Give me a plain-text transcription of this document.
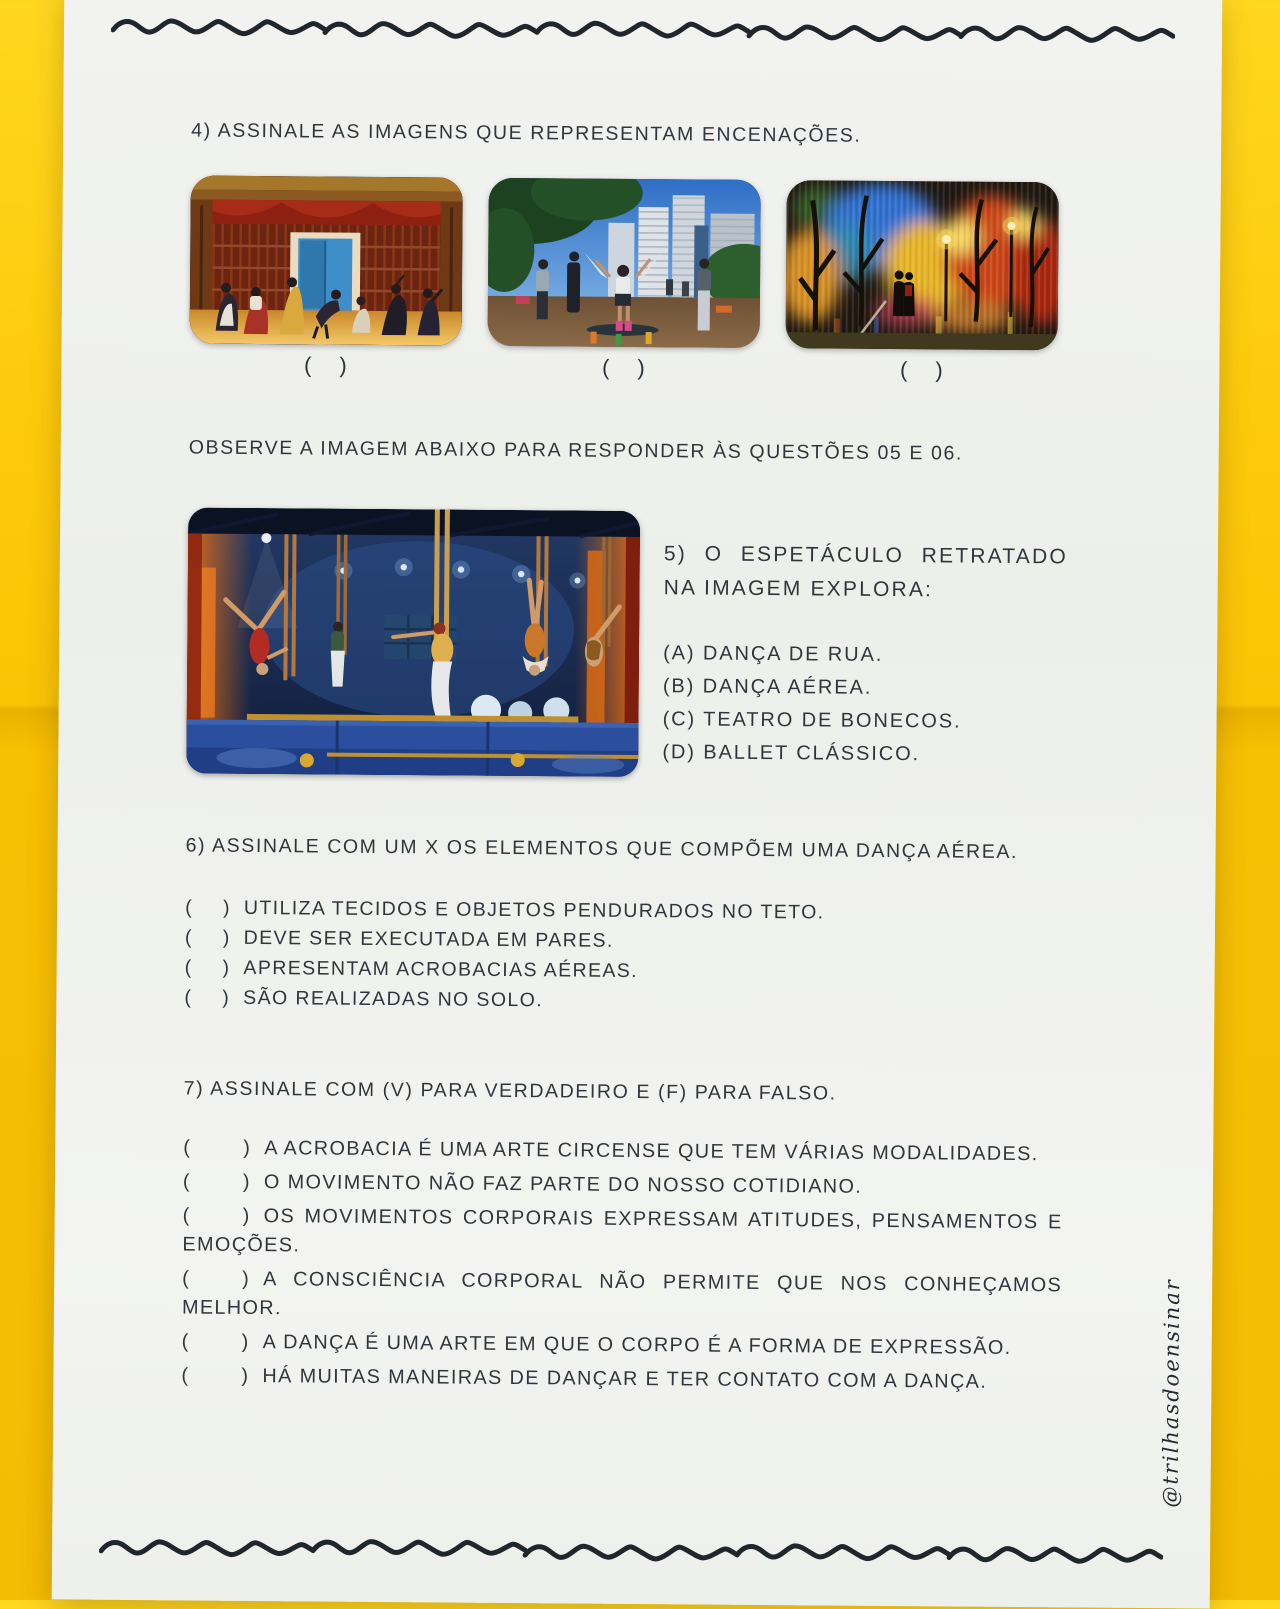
4) ASSINALE AS IMAGENS QUE REPRESENTAM ENCENAÇÕES.

( )	( )	( )

OBSERVE A IMAGEM ABAIXO PARA RESPONDER ÀS QUESTÕES 05 E 06.

5) O ESPETÁCULO RETRATADO NA IMAGEM EXPLORA:

(A) DANÇA DE RUA.

(B) DANÇA AÉREA.

(C) TEATRO DE BONECOS.

(D) BALLET CLÁSSICO.

6) ASSINALE COM UM X OS ELEMENTOS QUE COMPÕEM UMA DANÇA AÉREA.

( ) UTILIZA TECIDOS E OBJETOS PENDURADOS NO TETO.

( ) DEVE SER EXECUTADA EM PARES.

( ) APRESENTAM ACROBACIAS AÉREAS.

( ) SÃO REALIZADAS NO SOLO.

7) ASSINALE COM (V) PARA VERDADEIRO E (F) PARA FALSO.

(	) A ACROBACIA É UMA ARTE CIRCENSE QUE TEM VÁRIAS MODALIDADES.

(	) O MOVIMENTO NÃO FAZ PARTE DO NOSSO COTIDIANO.

(	) OS MOVIMENTOS CORPORAIS EXPRESSAM ATITUDES, PENSAMENTOS E EMOÇÕES.

(	) A CONSCIÊNCIA CORPORAL NÃO PERMITE QUE NOS CONHEÇAMOS MELHOR.

(	) A DANÇA É UMA ARTE EM QUE O CORPO É A FORMA DE EXPRESSÃO.

(	) HÁ MUITAS MANEIRAS DE DANÇAR E TER CONTATO COM A DANÇA.	@trilhasdoensinar
